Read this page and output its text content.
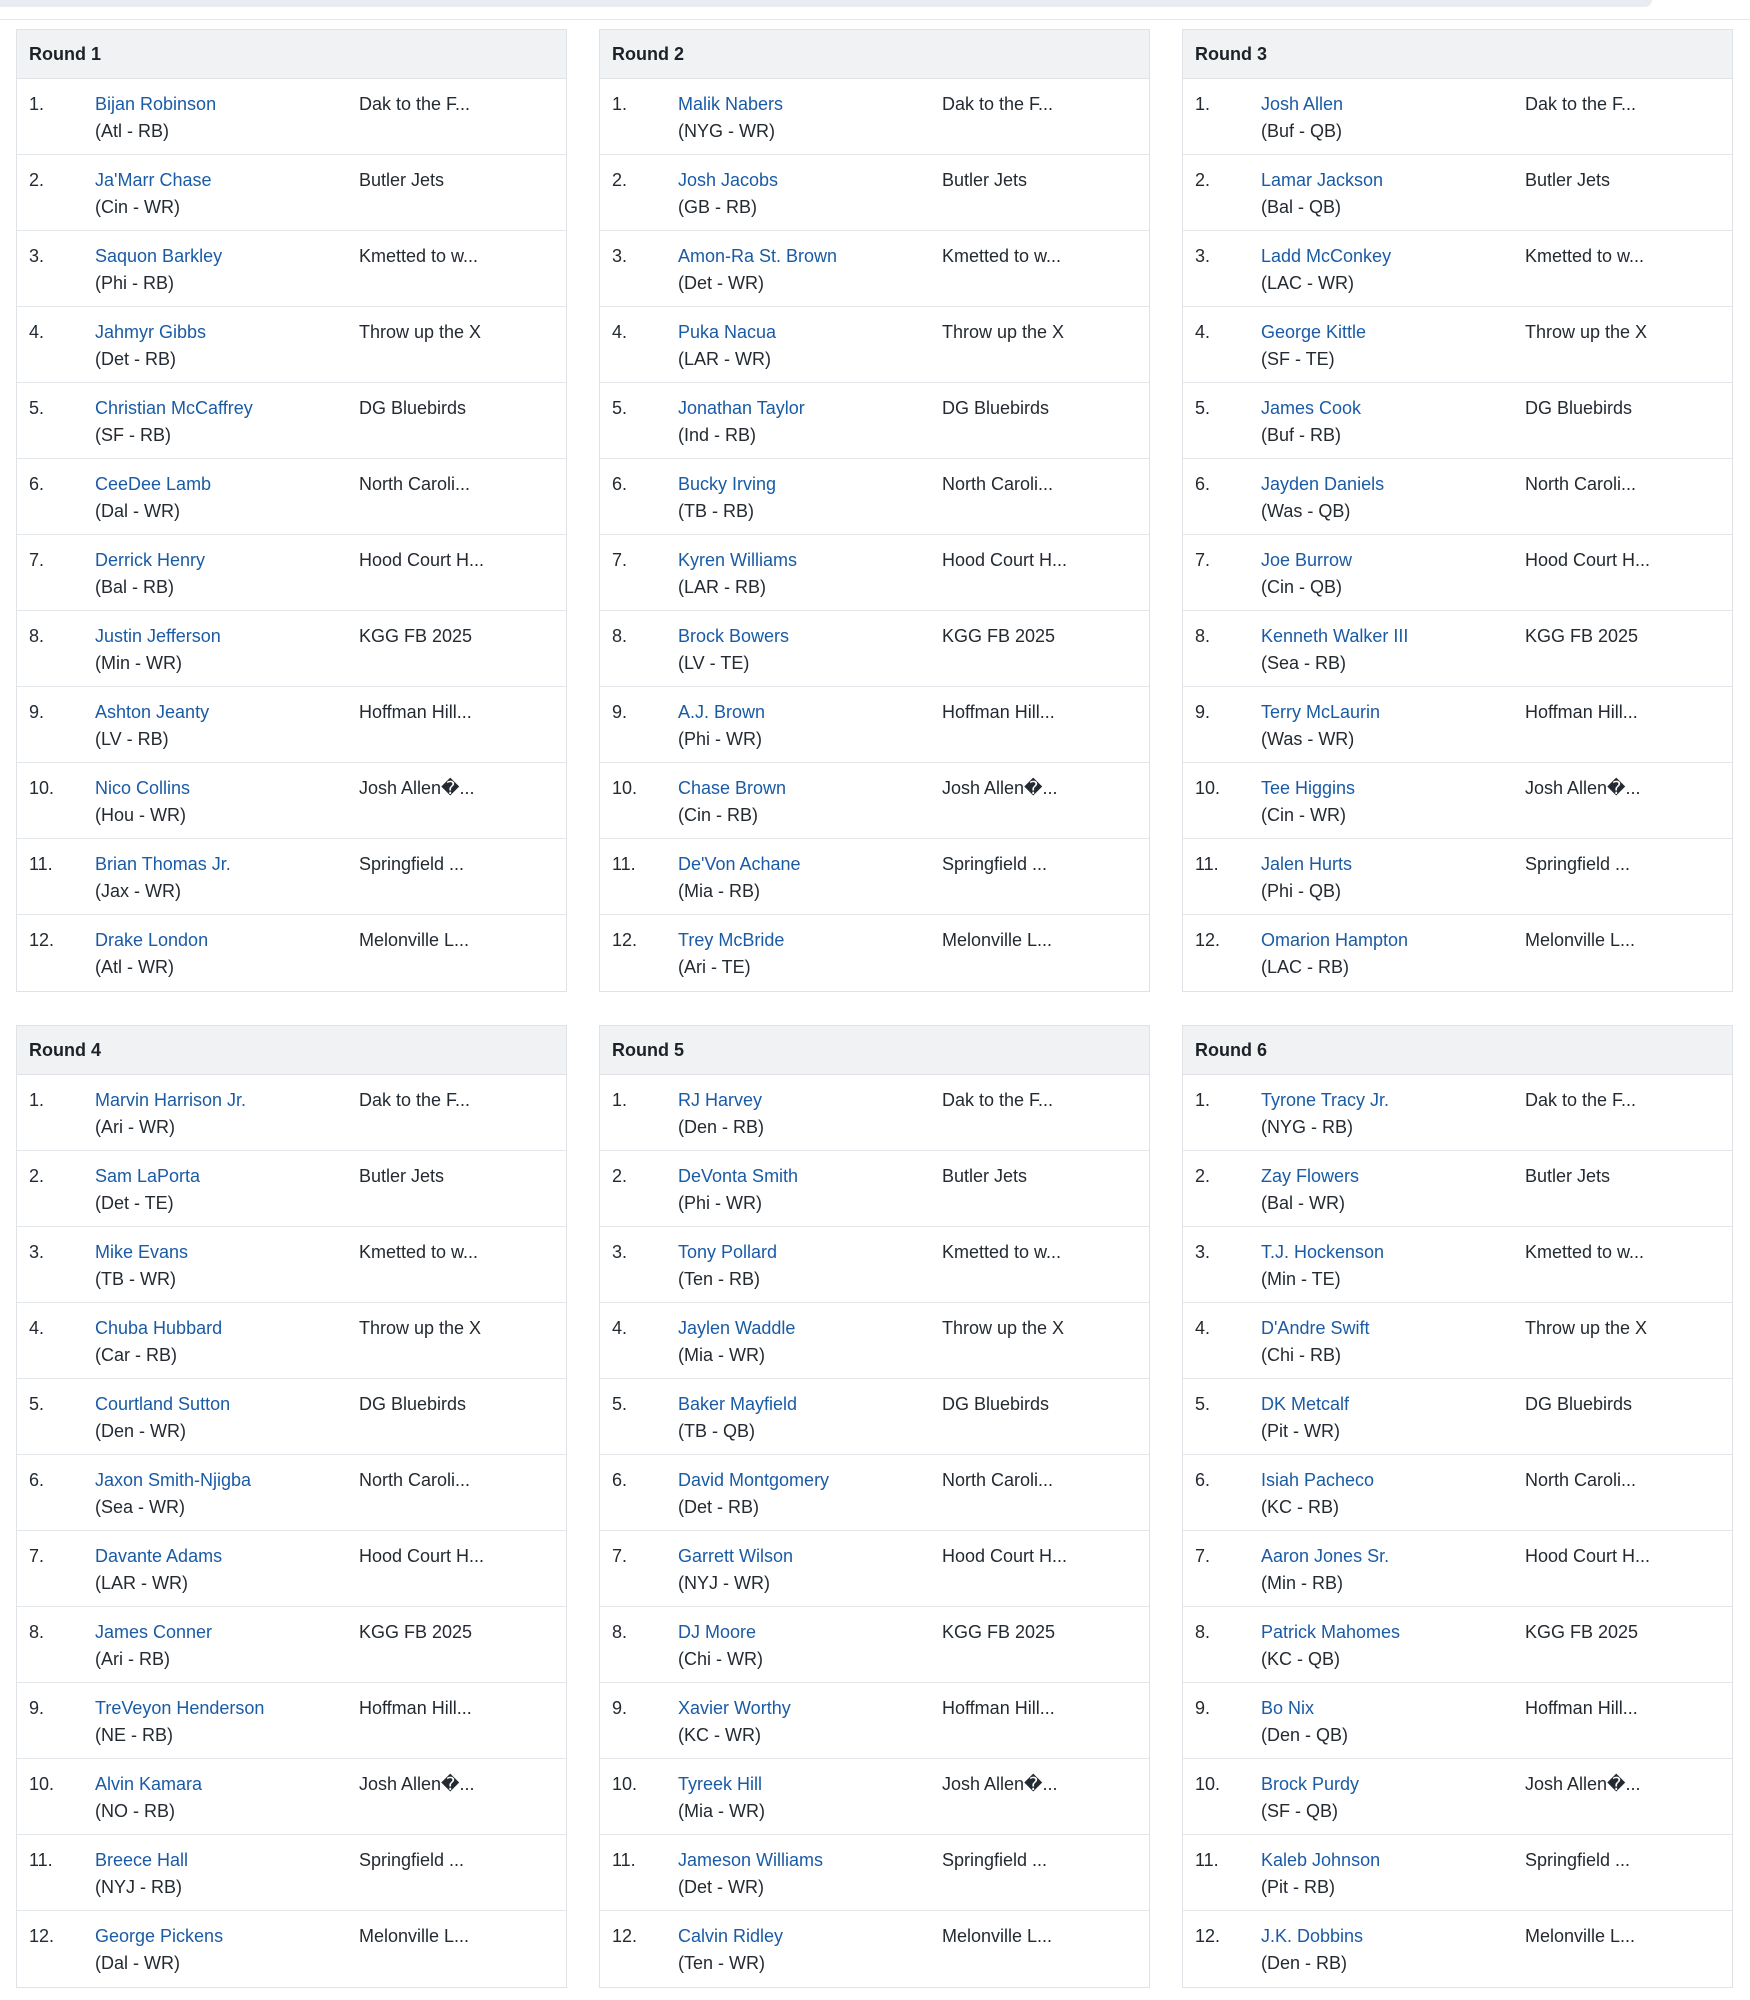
Round 1
1.	Bijan Robinson
(Atl - RB)
Dak to the F...
2.	Ja'Marr Chase
(Cin - WR)
Butler Jets
3.	Saquon Barkley
(Phi - RB)
Kmetted to w...
4.	Jahmyr Gibbs
(Det - RB)
Throw up the X
5.	Christian McCaffrey
(SF - RB)
DG Bluebirds
6.	CeeDee Lamb
(Dal - WR)
North Caroli...
7.	Derrick Henry
(Bal - RB)
Hood Court H...
8.	Justin Jefferson
(Min - WR)
KGG FB 2025
9.	Ashton Jeanty
(LV - RB)
Hoffman Hill...
10.	Nico Collins
(Hou - WR)
Josh Allen�...
11.	Brian Thomas Jr.
(Jax - WR)
Springfield ...
12.	Drake London
(Atl - WR)
Melonville L...
Round 2
1.	Malik Nabers
(NYG - WR)
Dak to the F...
2.	Josh Jacobs
(GB - RB)
Butler Jets
3.	Amon-Ra St. Brown
(Det - WR)
Kmetted to w...
4.	Puka Nacua
(LAR - WR)
Throw up the X
5.	Jonathan Taylor
(Ind - RB)
DG Bluebirds
6.	Bucky Irving
(TB - RB)
North Caroli...
7.	Kyren Williams
(LAR - RB)
Hood Court H...
8.	Brock Bowers
(LV - TE)
KGG FB 2025
9.	A.J. Brown
(Phi - WR)
Hoffman Hill...
10.	Chase Brown
(Cin - RB)
Josh Allen�...
11.	De'Von Achane
(Mia - RB)
Springfield ...
12.	Trey McBride
(Ari - TE)
Melonville L...
Round 3
1.	Josh Allen
(Buf - QB)
Dak to the F...
2.	Lamar Jackson
(Bal - QB)
Butler Jets
3.	Ladd McConkey
(LAC - WR)
Kmetted to w...
4.	George Kittle
(SF - TE)
Throw up the X
5.	James Cook
(Buf - RB)
DG Bluebirds
6.	Jayden Daniels
(Was - QB)
North Caroli...
7.	Joe Burrow
(Cin - QB)
Hood Court H...
8.	Kenneth Walker III
(Sea - RB)
KGG FB 2025
9.	Terry McLaurin
(Was - WR)
Hoffman Hill...
10.	Tee Higgins
(Cin - WR)
Josh Allen�...
11.	Jalen Hurts
(Phi - QB)
Springfield ...
12.	Omarion Hampton
(LAC - RB)
Melonville L...
Round 4
1.	Marvin Harrison Jr.
(Ari - WR)
Dak to the F...
2.	Sam LaPorta
(Det - TE)
Butler Jets
3.	Mike Evans
(TB - WR)
Kmetted to w...
4.	Chuba Hubbard
(Car - RB)
Throw up the X
5.	Courtland Sutton
(Den - WR)
DG Bluebirds
6.	Jaxon Smith-Njigba
(Sea - WR)
North Caroli...
7.	Davante Adams
(LAR - WR)
Hood Court H...
8.	James Conner
(Ari - RB)
KGG FB 2025
9.	TreVeyon Henderson
(NE - RB)
Hoffman Hill...
10.	Alvin Kamara
(NO - RB)
Josh Allen�...
11.	Breece Hall
(NYJ - RB)
Springfield ...
12.	George Pickens
(Dal - WR)
Melonville L...
Round 5
1.	RJ Harvey
(Den - RB)
Dak to the F...
2.	DeVonta Smith
(Phi - WR)
Butler Jets
3.	Tony Pollard
(Ten - RB)
Kmetted to w...
4.	Jaylen Waddle
(Mia - WR)
Throw up the X
5.	Baker Mayfield
(TB - QB)
DG Bluebirds
6.	David Montgomery
(Det - RB)
North Caroli...
7.	Garrett Wilson
(NYJ - WR)
Hood Court H...
8.	DJ Moore
(Chi - WR)
KGG FB 2025
9.	Xavier Worthy
(KC - WR)
Hoffman Hill...
10.	Tyreek Hill
(Mia - WR)
Josh Allen�...
11.	Jameson Williams
(Det - WR)
Springfield ...
12.	Calvin Ridley
(Ten - WR)
Melonville L...
Round 6
1.	Tyrone Tracy Jr.
(NYG - RB)
Dak to the F...
2.	Zay Flowers
(Bal - WR)
Butler Jets
3.	T.J. Hockenson
(Min - TE)
Kmetted to w...
4.	D'Andre Swift
(Chi - RB)
Throw up the X
5.	DK Metcalf
(Pit - WR)
DG Bluebirds
6.	Isiah Pacheco
(KC - RB)
North Caroli...
7.	Aaron Jones Sr.
(Min - RB)
Hood Court H...
8.	Patrick Mahomes
(KC - QB)
KGG FB 2025
9.	Bo Nix
(Den - QB)
Hoffman Hill...
10.	Brock Purdy
(SF - QB)
Josh Allen�...
11.	Kaleb Johnson
(Pit - RB)
Springfield ...
12.	J.K. Dobbins
(Den - RB)
Melonville L...
